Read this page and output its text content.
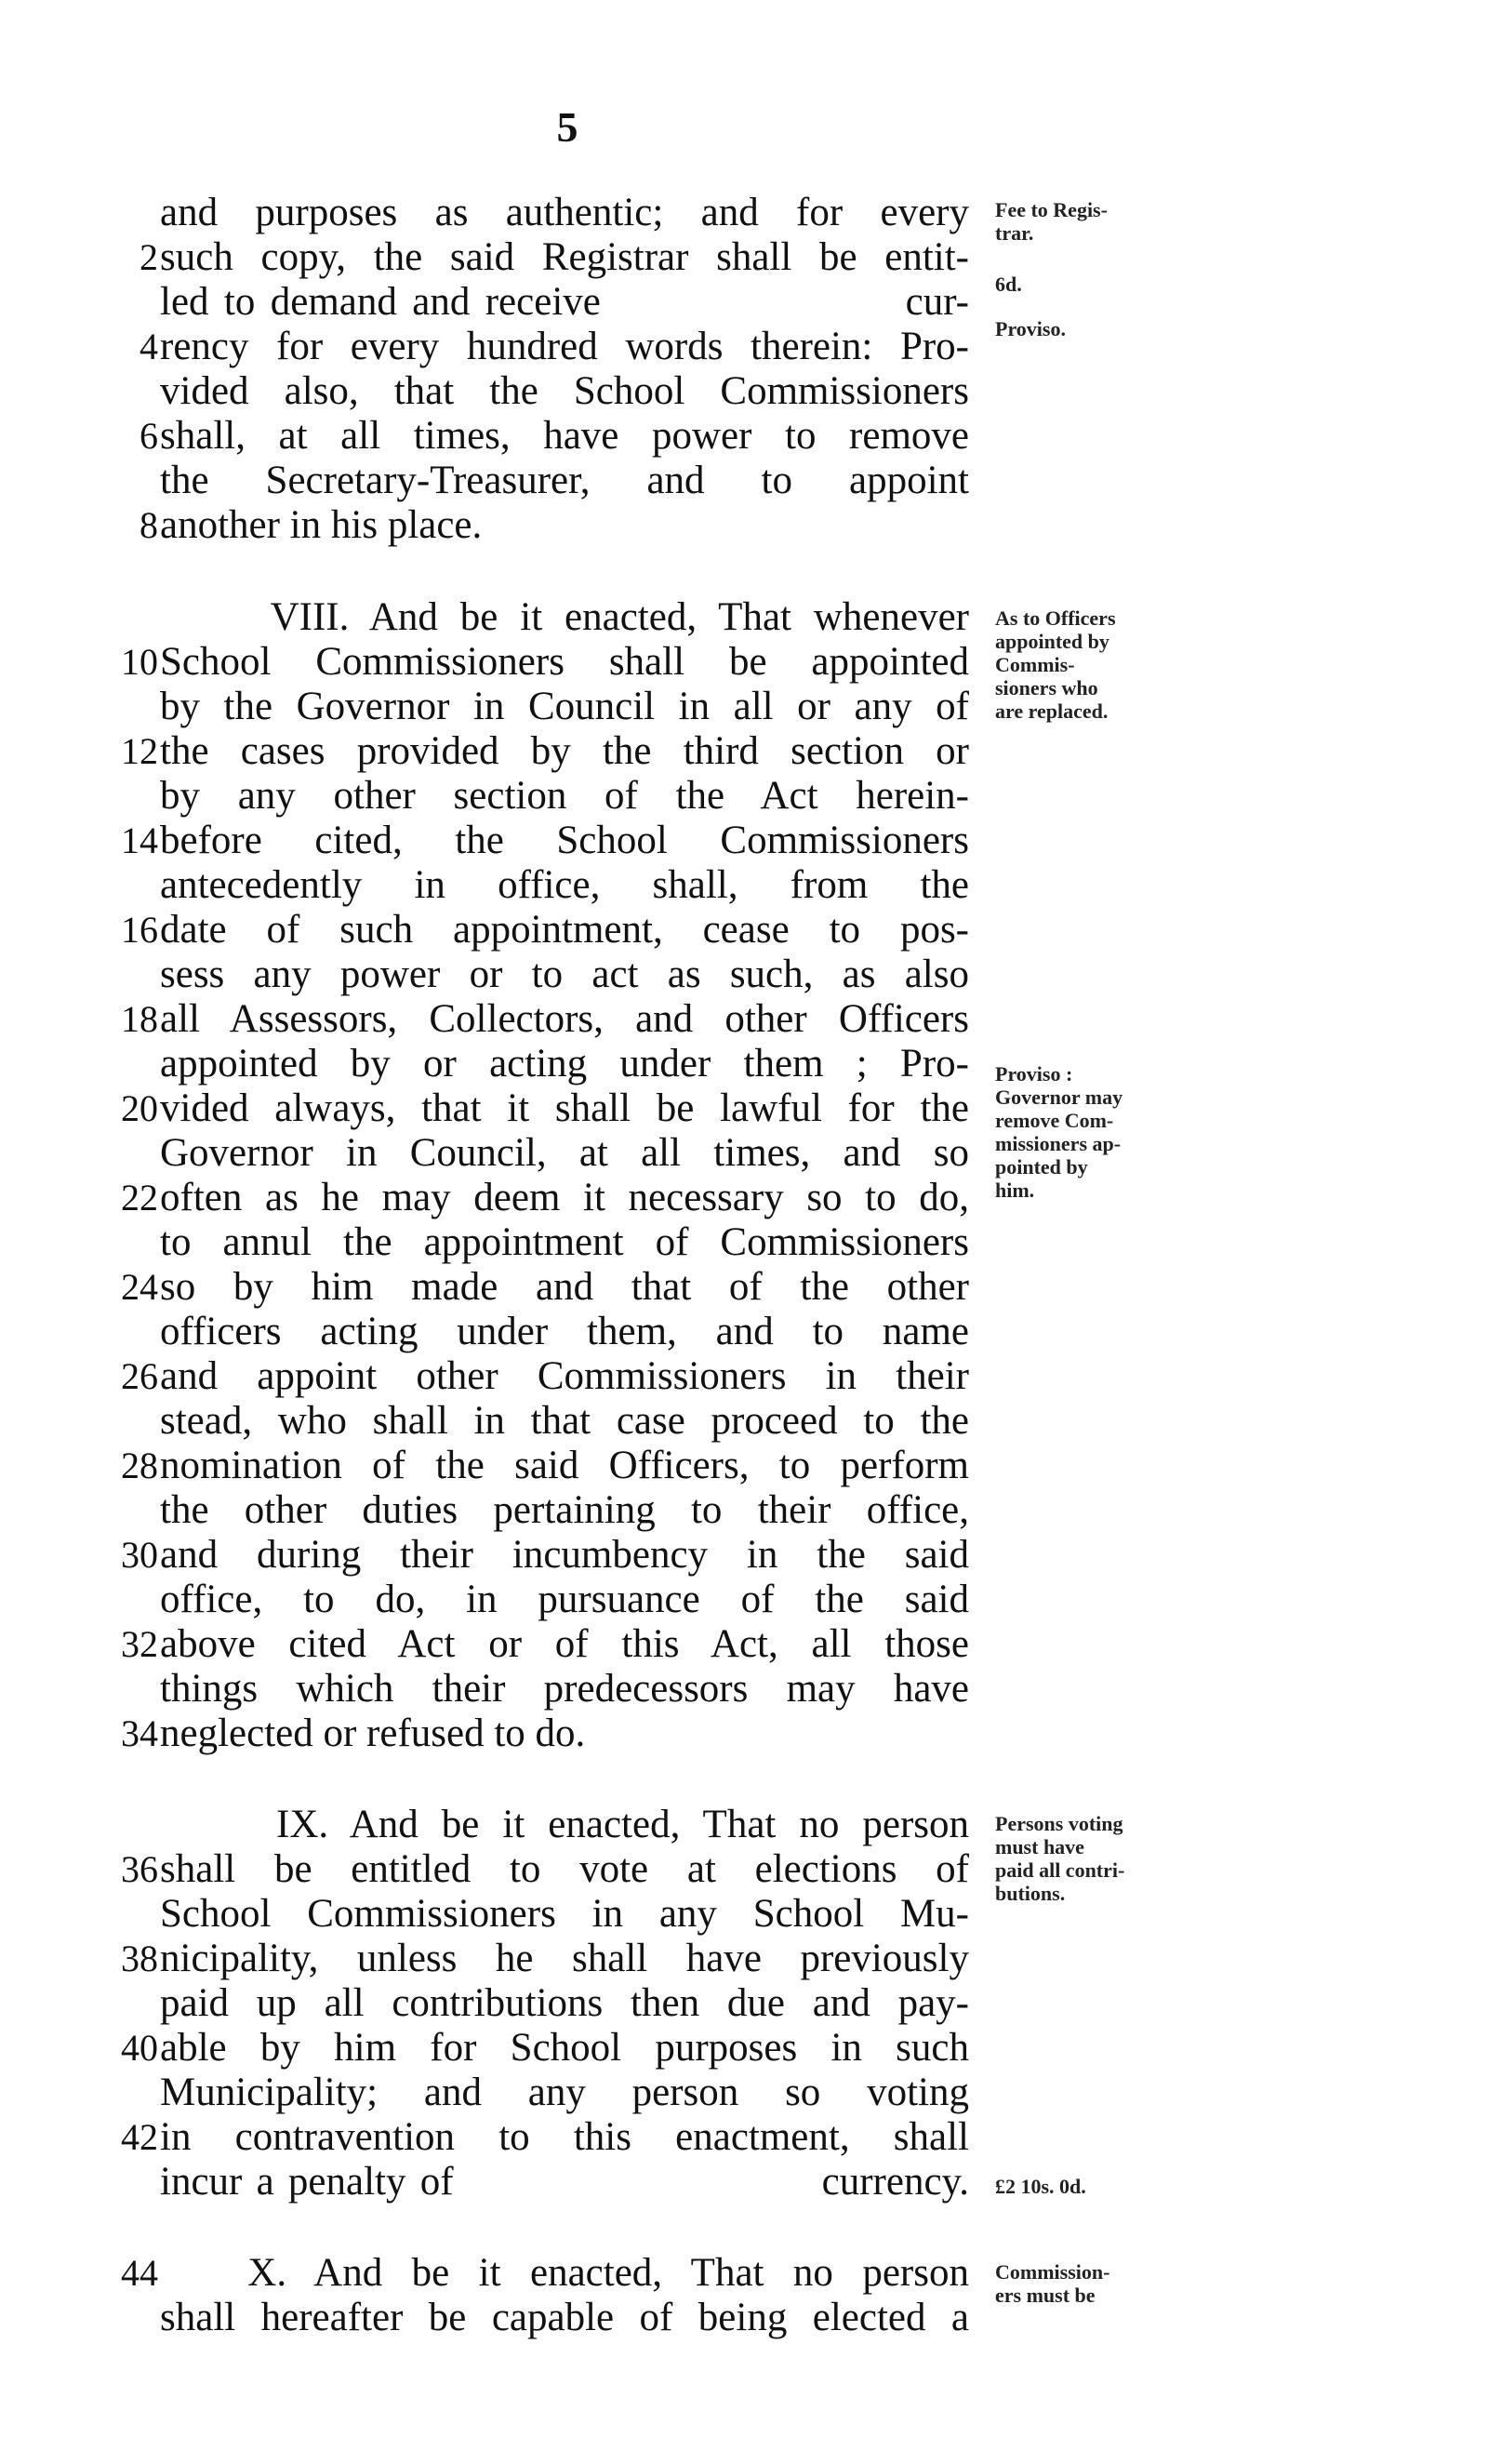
5
and purposes as authentic; and for every
2 such copy, the said Registrar shall be entit-
led to demand and receive                    cur-
4 rency for every hundred words therein: Pro-
vided also, that the School Commissioners
6 shall, at all times, have power to remove
the Secretary-Treasurer, and to appoint
8 another in his place.
Fee to Regis-
trar.
6d.
Proviso.
VIII. And be it enacted, That whenever
10 School Commissioners shall be appointed
by the Governor in Council in all or any of
12 the cases provided by the third section or
by any other section of the Act herein-
14 before cited, the School Commissioners
antecedently in office, shall, from the
16 date of such appointment, cease to pos-
sess any power or to act as such, as also
18 all Assessors, Collectors, and other Officers
appointed by or acting under them ; Pro-
20 vided always, that it shall be lawful for the
Governor in Council, at all times, and so
22 often as he may deem it necessary so to do,
to annul the appointment of Commissioners
24 so by him made and that of the other
officers acting under them, and to name
26 and appoint other Commissioners in their
stead, who shall in that case proceed to the
28 nomination of the said Officers, to perform
the other duties pertaining to their office,
30 and during their incumbency in the said
office, to do, in pursuance of the said
32 above cited Act or of this Act, all those
things which their predecessors may have
34 neglected or refused to do.
As to Officers
appointed by
Commis-
sioners who
are replaced.
Proviso :
Governor may
remove Com-
missioners ap-
pointed by
him.
IX. And be it enacted, That no person
36 shall be entitled to vote at elections of
School Commissioners in any School Mu-
38 nicipality, unless he shall have previously
paid up all contributions then due and pay-
40 able by him for School purposes in such
Municipality; and any person so voting
42 in contravention to this enactment, shall
incur a penalty of                          currency.
Persons voting
must have
paid all contri-
butions.
£2 10s. 0d.
44 X. And be it enacted, That no person
shall hereafter be capable of being elected a
Commission-
ers must be
